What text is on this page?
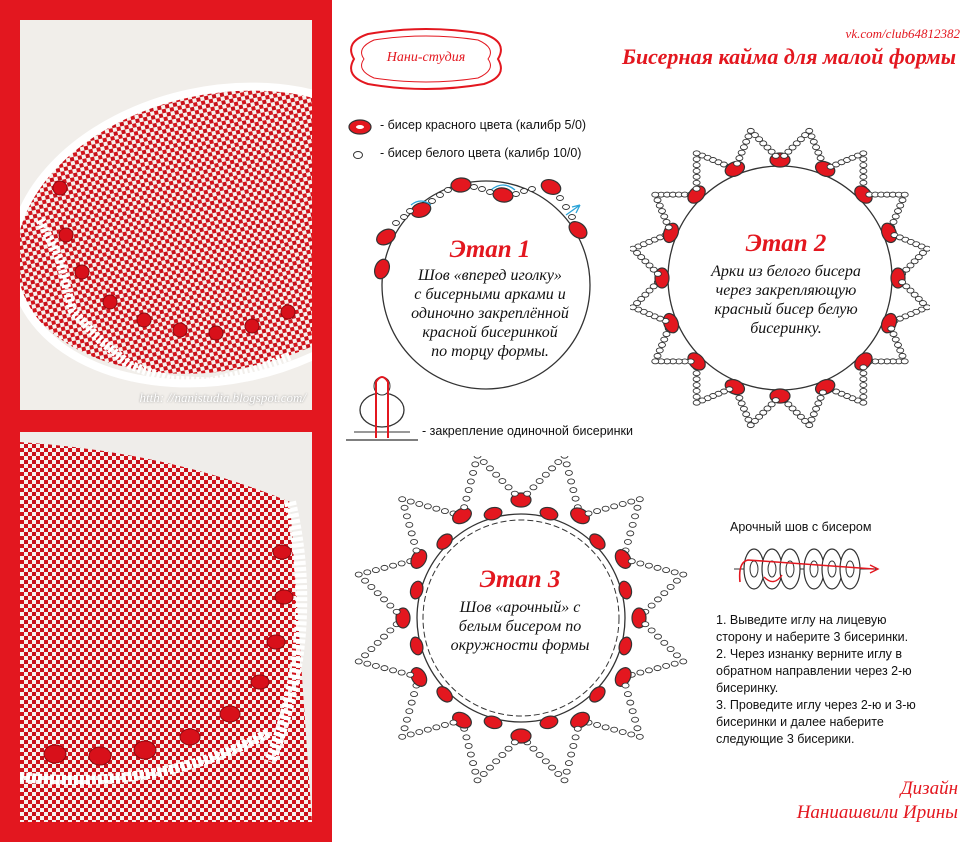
htth: //nanistudia.blogspot.com/
Нани-студия
vk.com/club64812382
Бисерная кайма для малой формы
- бисер красного цвета (калибр 5/0)
- бисер белого цвета (калибр 10/0)
Этап 1
Шов «вперед иголку»
с бисерными арками и
одиночно закреплённой
красной бисеринкой
по торцу формы.
- закрепление одиночной бисеринки
Этап 2
Арки из белого бисера
через закрепляющую
красный бисер белую
бисеринку.
Этап 3
Шов «арочный» с
белым бисером по
окружности формы
Арочный шов с бисером
1. Выведите иглу на лицевую
сторону и наберите 3 бисеринки.
2. Через изнанку верните иглу в
обратном направлении через 2-ю
бисеринку.
3. Проведите иглу через 2-ю и 3-ю
бисеринки и далее наберите
следующие 3 бисерики.
Дизайн
Наниашвили Ирины
